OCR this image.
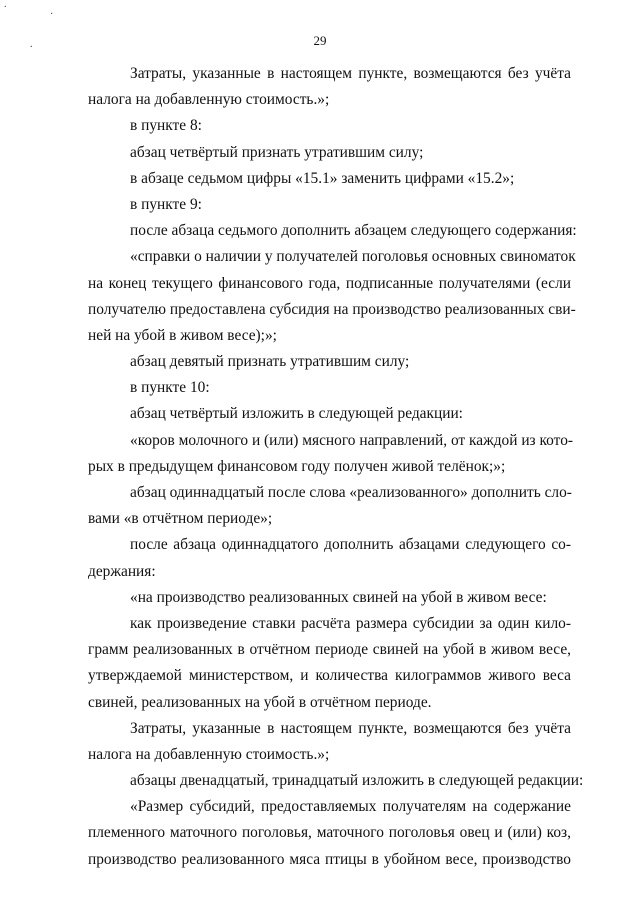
.
·
.	29
Затраты, указанные в настоящем пункте, возмещаются без учёта
налога на добавленную стоимость.»;
в пункте 8:
абзац четвёртый признать утратившим силу;
в абзаце седьмом цифры «15.1» заменить цифрами «15.2»;
в пункте 9:
после абзаца седьмого дополнить абзацем следующего содержания:
«справки о наличии у получателей поголовья основных свиноматок
на конец текущего финансового года, подписанные получателями (если
получателю предоставлена субсидия на производство реализованных сви-
ней на убой в живом весе);»;
абзац девятый признать утратившим силу;
в пункте 10:
абзац четвёртый изложить в следующей редакции:
«коров молочного и (или) мясного направлений, от каждой из кото-
рых в предыдущем финансовом году получен живой телёнок;»;
абзац одиннадцатый после слова «реализованного» дополнить сло-
вами «в отчётном периоде»;
после абзаца одиннадцатого дополнить абзацами следующего со-
держания:
«на производство реализованных свиней на убой в живом весе:
как произведение ставки расчёта размера субсидии за один кило-
грамм реализованных в отчётном периоде свиней на убой в живом весе,
утверждаемой министерством, и количества килограммов живого веса
свиней, реализованных на убой в отчётном периоде.
Затраты, указанные в настоящем пункте, возмещаются без учёта
налога на добавленную стоимость.»;
абзацы двенадцатый, тринадцатый изложить в следующей редакции:
«Размер субсидий, предоставляемых получателям на содержание
племенного маточного поголовья, маточного поголовья овец и (или) коз,
производство реализованного мяса птицы в убойном весе, производство
